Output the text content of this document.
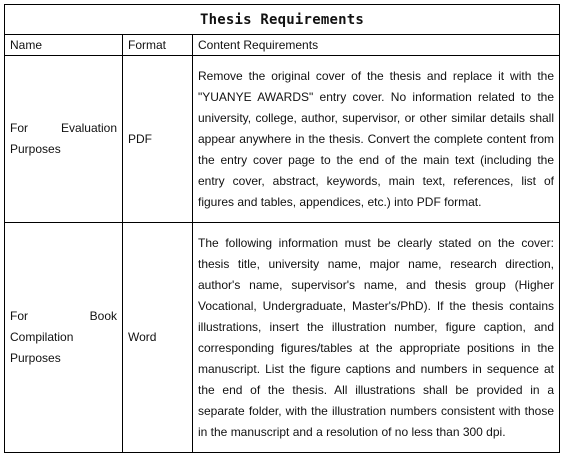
Thesis Requirements		
Name	Format	Content Requirements
For Evaluation Purposes	PDF	Remove the original cover of the thesis and replace it with the "YUANYE AWARDS" entry cover. No information related to the university, college, author, supervisor, or other similar details shall appear anywhere in the thesis. Convert the complete content from the entry cover page to the end of the main text (including the entry cover, abstract, keywords, main text, references, list of figures and tables, appendices, etc.) into PDF format.
For Book Compilation Purposes	Word	The following information must be clearly stated on the cover: thesis title, university name, major name, research direction, author's name, supervisor's name, and thesis group (Higher Vocational, Undergraduate, Master's/PhD). If the thesis contains illustrations, insert the illustration number, figure caption, and corresponding figures/tables at the appropriate positions in the manuscript. List the figure captions and numbers in sequence at the end of the thesis. All illustrations shall be provided in a separate folder, with the illustration numbers consistent with those in the manuscript and a resolution of no less than 300 dpi.
